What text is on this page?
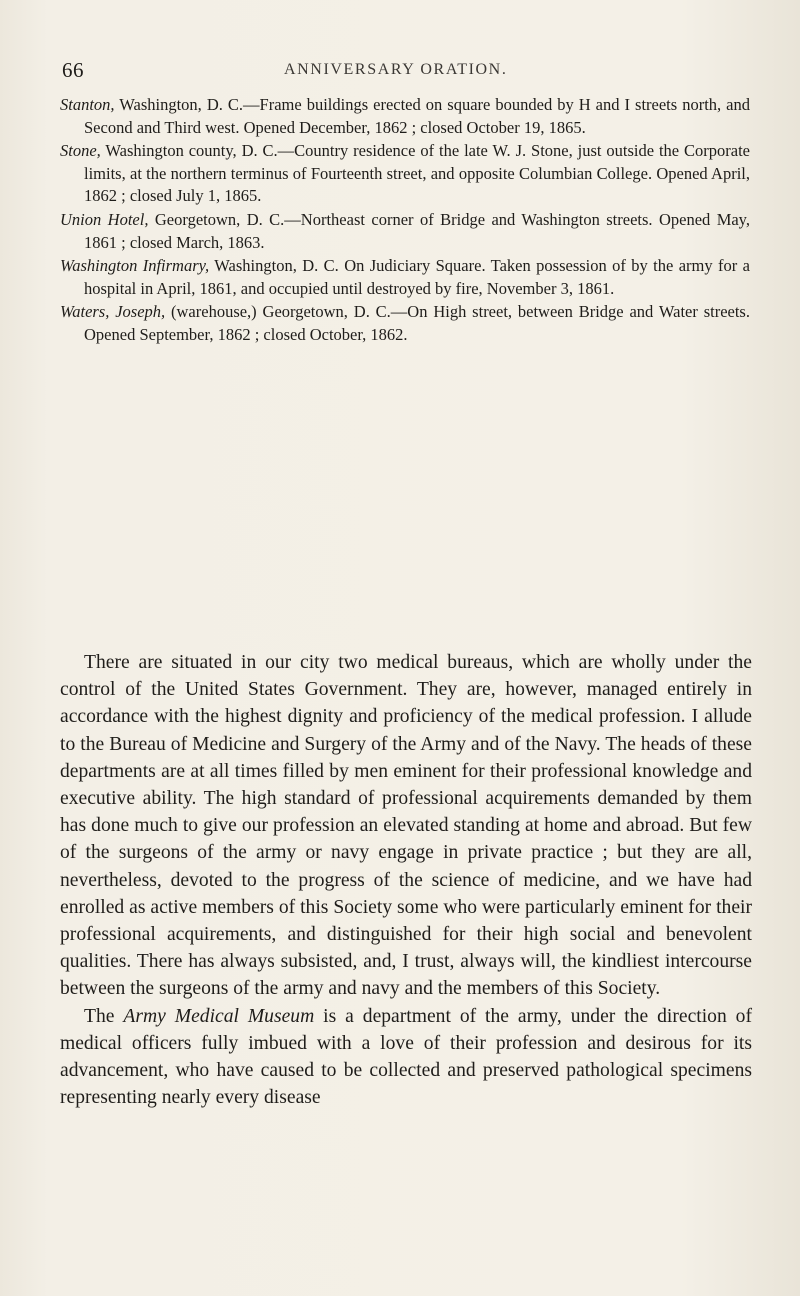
66	ANNIVERSARY ORATION.

Stanton, Washington, D. C.—Frame buildings erected on square bounded by H and I streets north, and Second and Third west. Opened December, 1862 ; closed October 19, 1865.

Stone, Washington county, D. C.—Country residence of the late W. J. Stone, just outside the Corporate limits, at the northern terminus of Fourteenth street, and opposite Columbian College. Opened April, 1862 ; closed July 1, 1865.

Union Hotel, Georgetown, D. C.—Northeast corner of Bridge and Washington streets. Opened May, 1861 ; closed March, 1863.

Washington Infirmary, Washington, D. C. On Judiciary Square. Taken possession of by the army for a hospital in April, 1861, and occupied until destroyed by fire, November 3, 1861.

Waters, Joseph, (warehouse,) Georgetown, D. C.—On High street, between Bridge and Water streets. Opened September, 1862 ; closed October, 1862.

There are situated in our city two medical bureaus, which are wholly under the control of the United States Government. They are, however, managed entirely in accordance with the highest dignity and proficiency of the medical profession. I allude to the Bureau of Medicine and Surgery of the Army and of the Navy. The heads of these departments are at all times filled by men eminent for their professional knowledge and executive ability. The high standard of professional acquirements demanded by them has done much to give our profession an elevated standing at home and abroad. But few of the surgeons of the army or navy engage in private practice ; but they are all, nevertheless, devoted to the progress of the science of medicine, and we have had enrolled as active members of this Society some who were particularly eminent for their professional acquirements, and distinguished for their high social and benevolent qualities. There has always subsisted, and, I trust, always will, the kindliest intercourse between the surgeons of the army and navy and the members of this Society.

The Army Medical Museum is a department of the army, under the direction of medical officers fully imbued with a love of their profession and desirous for its advancement, who have caused to be collected and preserved pathological specimens representing nearly every disease
